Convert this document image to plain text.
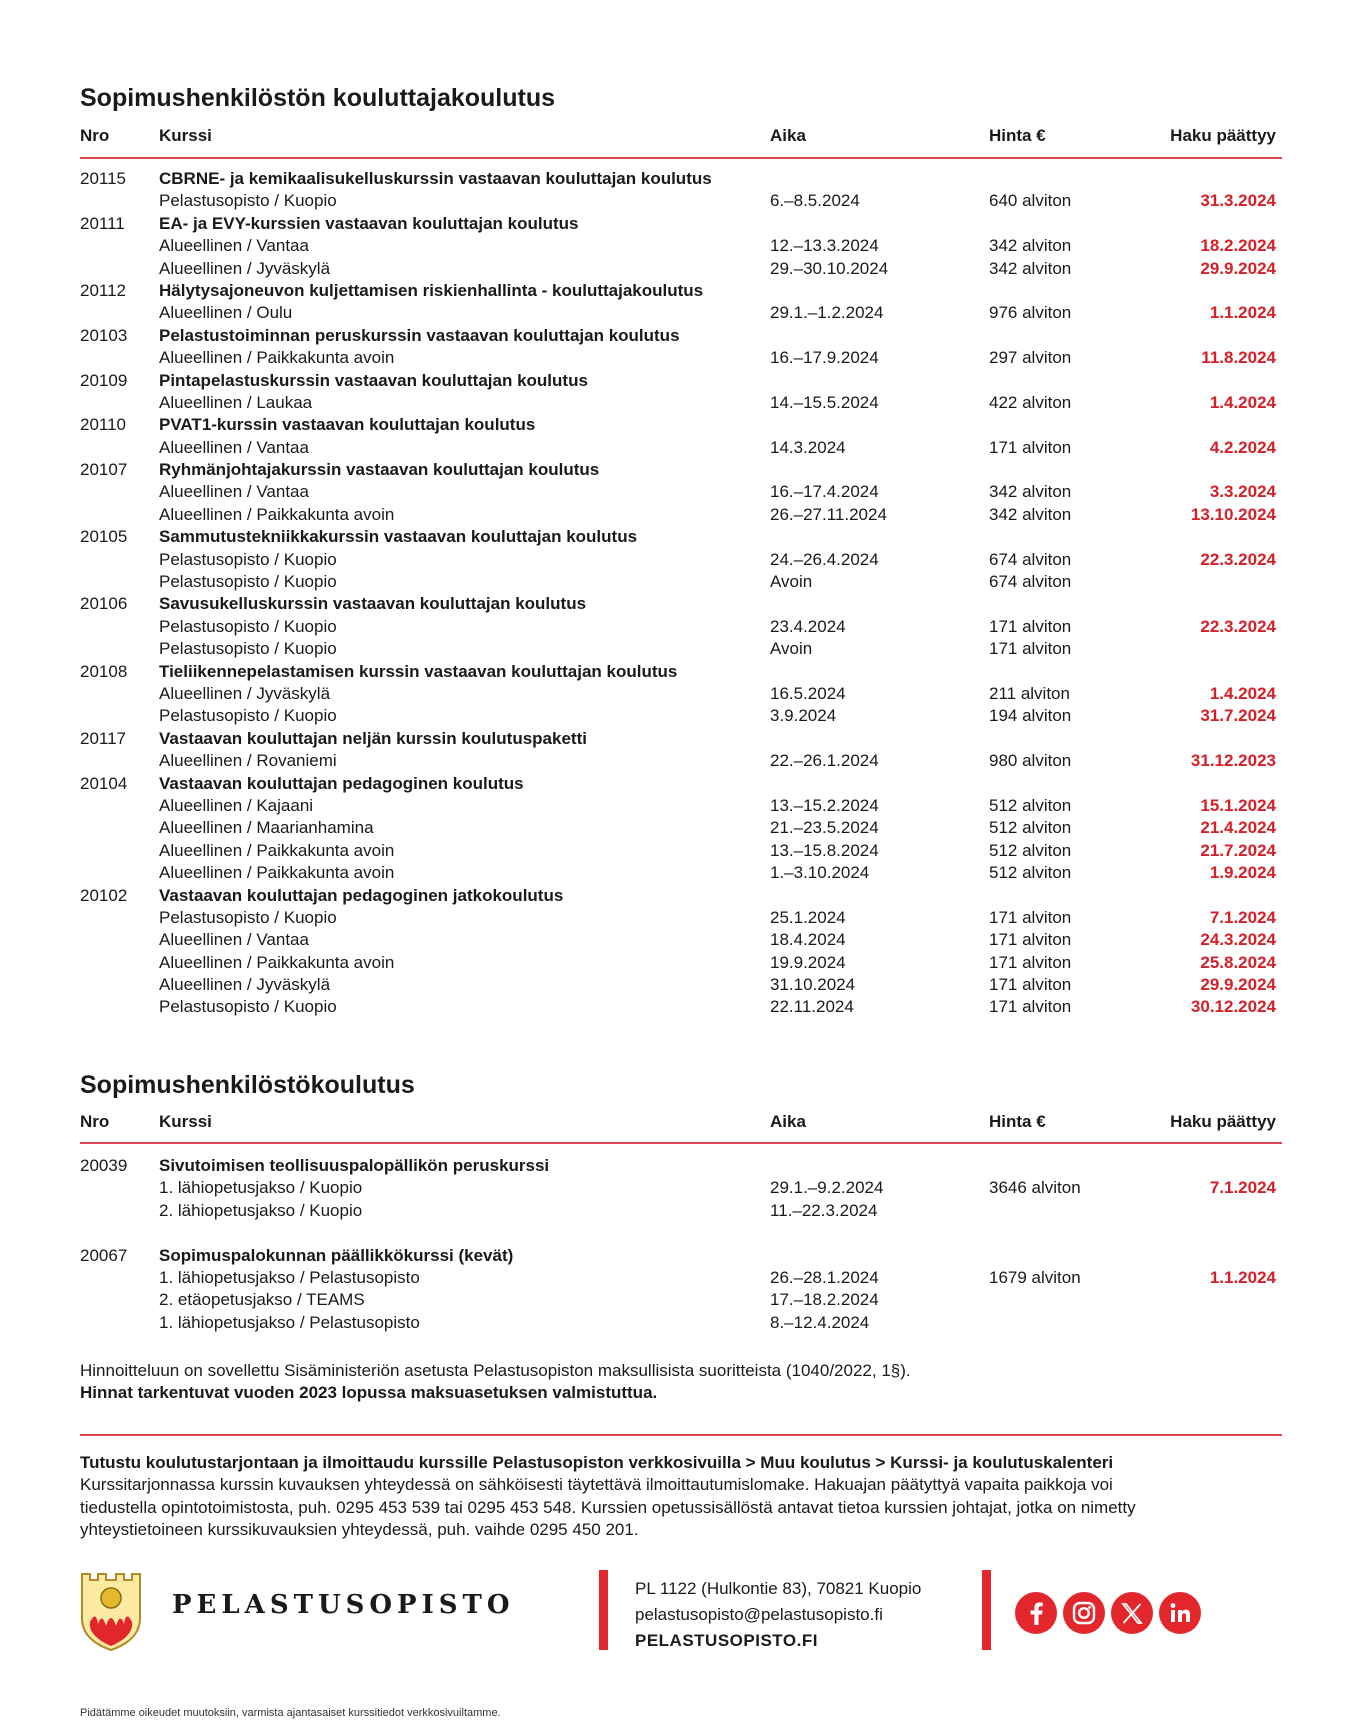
Sopimushenkilöstön kouluttajakoulutus
Nro	Kurssi	Aika	Hinta €	Haku päättyy
20115 CBRNE- ja kemikaalisukelluskurssin vastaavan kouluttajan koulutus
Pelastusopisto / Kuopio	6.–8.5.2024	640 alviton	31.3.2024
20111 EA- ja EVY-kurssien vastaavan kouluttajan koulutus
Alueellinen / Vantaa	12.–13.3.2024	342 alviton	18.2.2024
Alueellinen / Jyväskylä	29.–30.10.2024	342 alviton	29.9.2024
20112 Hälytysajoneuvon kuljettamisen riskienhallinta - kouluttajakoulutus
Alueellinen / Oulu	29.1.–1.2.2024	976 alviton	1.1.2024
20103 Pelastustoiminnan peruskurssin vastaavan kouluttajan koulutus
Alueellinen / Paikkakunta avoin	16.–17.9.2024	297 alviton	11.8.2024
20109 Pintapelastuskurssin vastaavan kouluttajan koulutus
Alueellinen / Laukaa	14.–15.5.2024	422 alviton	1.4.2024
20110 PVAT1-kurssin vastaavan kouluttajan koulutus
Alueellinen / Vantaa	14.3.2024	171 alviton	4.2.2024
20107 Ryhmänjohtajakurssin vastaavan kouluttajan koulutus
Alueellinen / Vantaa	16.–17.4.2024	342 alviton	3.3.2024
Alueellinen / Paikkakunta avoin	26.–27.11.2024	342 alviton	13.10.2024
20105 Sammutustekniikkakurssin vastaavan kouluttajan koulutus
Pelastusopisto / Kuopio	24.–26.4.2024	674 alviton	22.3.2024
Pelastusopisto / Kuopio	Avoin	674 alviton
20106 Savusukelluskurssin vastaavan kouluttajan koulutus
Pelastusopisto / Kuopio	23.4.2024	171 alviton	22.3.2024
Pelastusopisto / Kuopio	Avoin	171 alviton
20108 Tieliikennepelastamisen kurssin vastaavan kouluttajan koulutus
Alueellinen / Jyväskylä	16.5.2024	211 alviton	1.4.2024
Pelastusopisto / Kuopio	3.9.2024	194 alviton	31.7.2024
20117 Vastaavan kouluttajan neljän kurssin koulutuspaketti
Alueellinen / Rovaniemi	22.–26.1.2024	980 alviton	31.12.2023
20104 Vastaavan kouluttajan pedagoginen koulutus
Alueellinen / Kajaani	13.–15.2.2024	512 alviton	15.1.2024
Alueellinen / Maarianhamina	21.–23.5.2024	512 alviton	21.4.2024
Alueellinen / Paikkakunta avoin	13.–15.8.2024	512 alviton	21.7.2024
Alueellinen / Paikkakunta avoin	1.–3.10.2024	512 alviton	1.9.2024
20102 Vastaavan kouluttajan pedagoginen jatkokoulutus
Pelastusopisto / Kuopio	25.1.2024	171 alviton	7.1.2024
Alueellinen / Vantaa	18.4.2024	171 alviton	24.3.2024
Alueellinen / Paikkakunta avoin	19.9.2024	171 alviton	25.8.2024
Alueellinen / Jyväskylä	31.10.2024	171 alviton	29.9.2024
Pelastusopisto / Kuopio	22.11.2024	171 alviton	30.12.2024
Sopimushenkilöstökoulutus
Nro	Kurssi	Aika	Hinta €	Haku päättyy
20039 Sivutoimisen teollisuuspalopällikön peruskurssi
1. lähiopetusjakso / Kuopio	29.1.–9.2.2024	3646 alviton	7.1.2024
2. lähiopetusjakso / Kuopio	11.–22.3.2024
20067 Sopimuspalokunnan päällikkökurssi (kevät)
1. lähiopetusjakso / Pelastusopisto	26.–28.1.2024	1679 alviton	1.1.2024
2. etäopetusjakso / TEAMS	17.–18.2.2024
1. lähiopetusjakso / Pelastusopisto	8.–12.4.2024

Hinnoitteluun on sovellettu Sisäministeriön asetusta Pelastusopiston maksullisista suoritteista (1040/2022, 1§).

Hinnat tarkentuvat vuoden 2023 lopussa maksuasetuksen valmistuttua.

Tutustu koulutustarjontaan ja ilmoittaudu kurssille Pelastusopiston verkkosivuilla > Muu koulutus > Kurssi- ja koulutuskalenteri

Kurssitarjonnassa kurssin kuvauksen yhteydessä on sähköisesti täytettävä ilmoittautumislomake. Hakuajan päätyttyä vapaita paikkoja voi

tiedustella opintotoimistosta, puh. 0295 453 539 tai 0295 453 548. Kurssien opetussisällöstä antavat tietoa kurssien johtajat, jotka on nimetty

yhteystietoineen kurssikuvauksien yhteydessä, puh. vaihde 0295 450 201.

PELASTUSOPISTO
PL 1122 (Hulkontie 83), 70821 Kuopio
pelastusopisto@pelastusopisto.fi
PELASTUSOPISTO.FI
Pidätämme oikeudet muutoksiin, varmista ajantasaiset kurssitiedot verkkosivuiltamme.
